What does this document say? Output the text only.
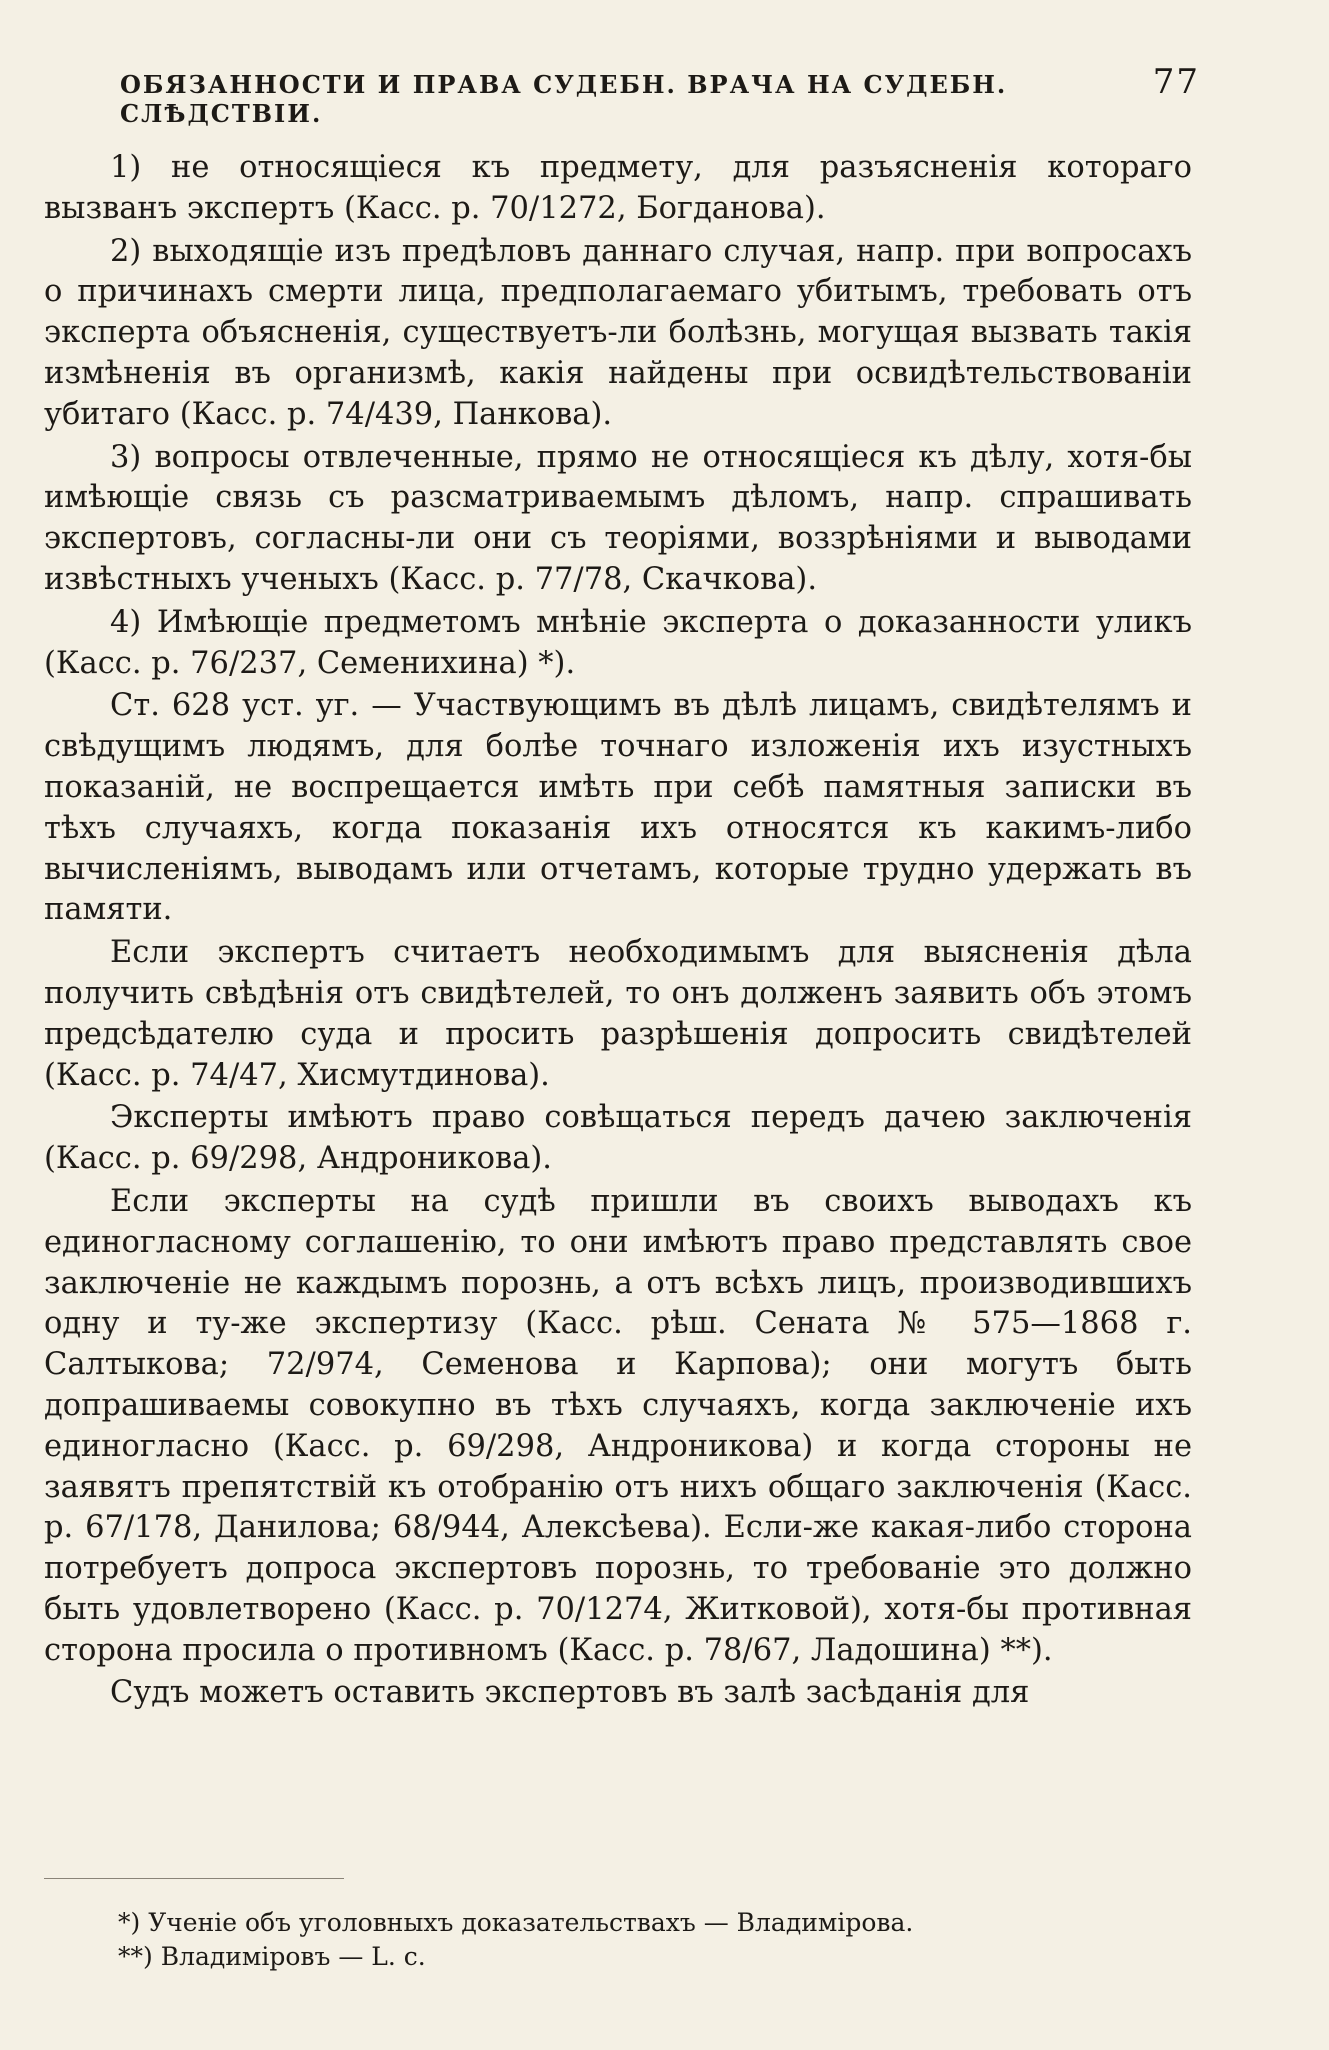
ОБЯЗАННОСТИ И ПРАВА СУДЕБН. ВРАЧА НА СУДЕБН. СЛѢДСТВІИ.
77

1) не относящіеся къ предмету, для разъясненія котораго вызванъ экспертъ (Касс. р. 70/1272, Богданова).

2) выходящіе изъ предѣловъ даннаго случая, напр. при вопросахъ о причинахъ смерти лица, предполагаемаго убитымъ, требовать отъ эксперта объясненія, существуетъ-ли болѣзнь, могущая вызвать такія измѣненія въ организмѣ, какія найдены при освидѣтельствованіи убитаго (Касс. р. 74/439, Панкова).

3) вопросы отвлеченные, прямо не относящіеся къ дѣлу, хотя-бы имѣющіе связь съ разсматриваемымъ дѣломъ, напр. спрашивать экспертовъ, согласны-ли они съ теоріями, воззрѣніями и выводами извѣстныхъ ученыхъ (Касс. р. 77/78, Скачкова).

4) Имѣющіе предметомъ мнѣніе эксперта о доказанности уликъ (Касс. р. 76/237, Семенихина) *).

Ст. 628 уст. уг. — Участвующимъ въ дѣлѣ лицамъ, свидѣтелямъ и свѣдущимъ людямъ, для болѣе точнаго изложенія ихъ изустныхъ показаній, не воспрещается имѣть при себѣ памятныя записки въ тѣхъ случаяхъ, когда показанія ихъ относятся къ какимъ-либо вычисленіямъ, выводамъ или отчетамъ, которые трудно удержать въ памяти.

Если экспертъ считаетъ необходимымъ для выясненія дѣла получить свѣдѣнія отъ свидѣтелей, то онъ долженъ заявить объ этомъ предсѣдателю суда и просить разрѣшенія допросить свидѣтелей (Касс. р. 74/47, Хисмутдинова).

Эксперты имѣютъ право совѣщаться передъ дачею заключенія (Касс. р. 69/298, Андроникова).

Если эксперты на судѣ пришли въ своихъ выводахъ къ единогласному соглашенію, то они имѣютъ право представлять свое заключеніе не каждымъ порознь, а отъ всѣхъ лицъ, производившихъ одну и ту-же экспертизу (Касс. рѣш. Сената № 575—1868 г. Салтыкова; 72/974, Семенова и Карпова); они могутъ быть допрашиваемы совокупно въ тѣхъ случаяхъ, когда заключеніе ихъ единогласно (Касс. р. 69/298, Андроникова) и когда стороны не заявятъ препятствій къ отобранію отъ нихъ общаго заключенія (Касс. р. 67/178, Данилова; 68/944, Алексѣева). Если-же какая-либо сторона потребуетъ допроса экспертовъ порознь, то требованіе это должно быть удовлетворено (Касс. р. 70/1274, Житковой), хотя-бы противная сторона просила о противномъ (Касс. р. 78/67, Ладошина) **).

Судъ можетъ оставить экспертовъ въ залѣ засѣданія для

*) Ученіе объ уголовныхъ доказательствахъ — Владимірова.
**) Владиміровъ — L. c.
